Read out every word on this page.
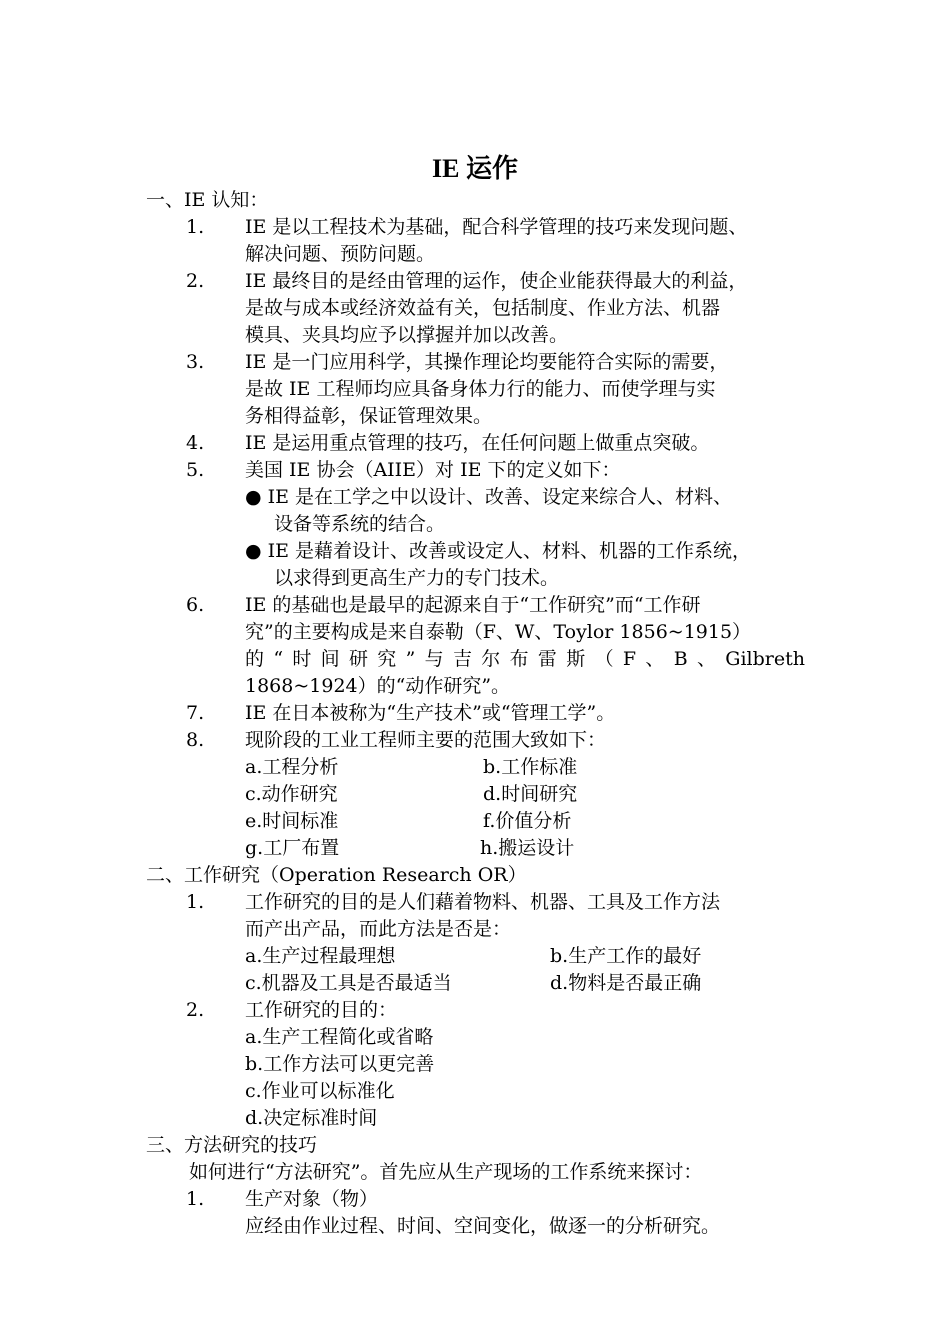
IE 运作
一、IE 认知：
1. IE 是以工程技术为基础，配合科学管理的技巧来发现问题、
解决问题、预防问题。
2. IE 最终目的是经由管理的运作，使企业能获得最大的利益，
是故与成本或经济效益有关，包括制度、作业方法、机器
模具、夹具均应予以撑握并加以改善。
3. IE 是一门应用科学，其操作理论均要能符合实际的需要，
是故 IE 工程师均应具备身体力行的能力、而使学理与实
务相得益彰，保证管理效果。
4. IE 是运用重点管理的技巧，在任何问题上做重点突破。
5. 美国 IE 协会（AIIE）对 IE 下的定义如下：
● IE 是在工学之中以设计、改善、设定来综合人、材料、
设备等系统的结合。
● IE 是藉着设计、改善或设定人、材料、机器的工作系统，
以求得到更高生产力的专门技术。
6. IE 的基础也是最早的起源来自于“工作研究”而“工作研
究”的主要构成是来自泰勒（F、W、Toylor 1856~1915）
的“时间研究”与吉尔布雷斯（F、B、Gilbreth
1868~1924）的“动作研究”。
7. IE 在日本被称为“生产技术”或“管理工学”。
8. 现阶段的工业工程师主要的范围大致如下：
a.工程分析	b.工作标准
c.动作研究	d.时间研究
e.时间标准	f.价值分析
g.工厂布置	h.搬运设计
二、工作研究（Operation Research OR）
1. 工作研究的目的是人们藉着物料、机器、工具及工作方法
而产出产品，而此方法是否是：
a.生产过程最理想	b.生产工作的最好
c.机器及工具是否最适当	d.物料是否最正确
2. 工作研究的目的：
a.生产工程简化或省略
b.工作方法可以更完善
c.作业可以标准化
d.决定标准时间
三、方法研究的技巧
如何进行“方法研究”。首先应从生产现场的工作系统来探讨：
1. 生产对象（物）
应经由作业过程、时间、空间变化，做逐一的分析研究。
